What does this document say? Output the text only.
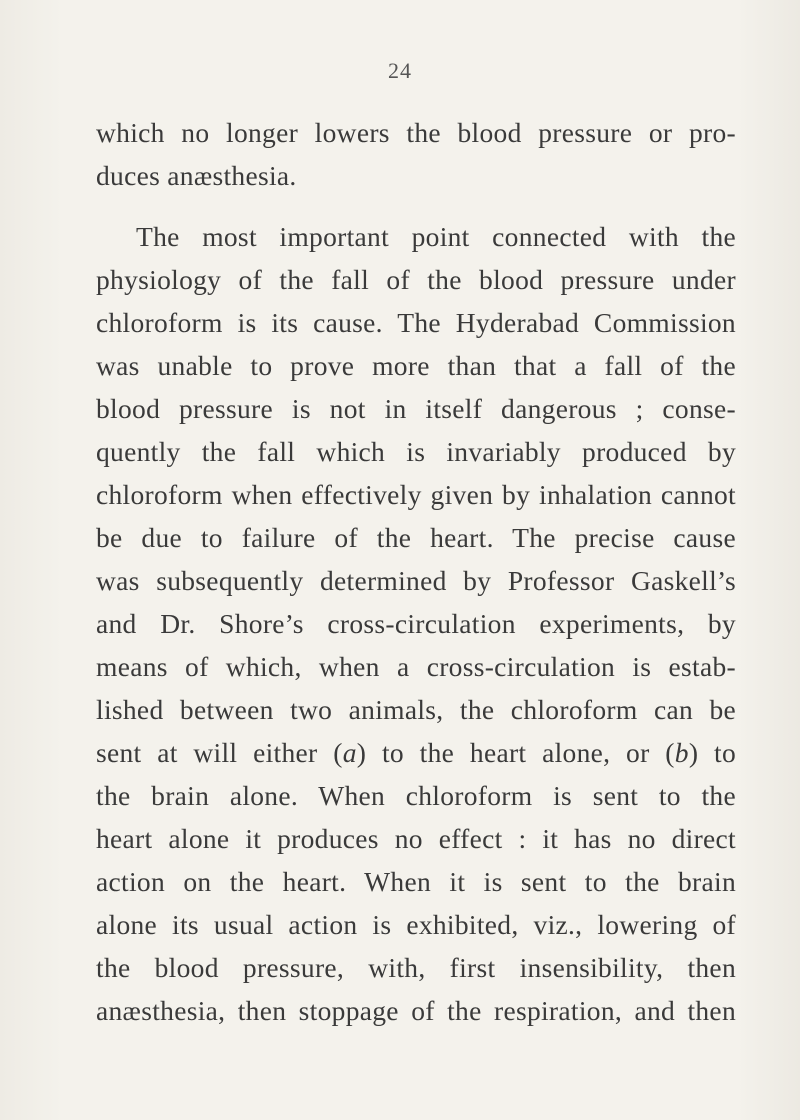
24
which no longer lowers the blood pressure or pro-
duces anæsthesia.
The most important point connected with the
physiology of the fall of the blood pressure under
chloroform is its cause. The Hyderabad Commission
was unable to prove more than that a fall of the
blood pressure is not in itself dangerous ; conse-
quently the fall which is invariably produced by
chloroform when effectively given by inhalation cannot
be due to failure of the heart. The precise cause
was subsequently determined by Professor Gaskell’s
and Dr. Shore’s cross-circulation experiments, by
means of which, when a cross-circulation is estab-
lished between two animals, the chloroform can be
sent at will either (a) to the heart alone, or (b) to
the brain alone. When chloroform is sent to the
heart alone it produces no effect : it has no direct
action on the heart. When it is sent to the brain
alone its usual action is exhibited, viz., lowering of
the blood pressure, with, first insensibility, then
anæsthesia, then stoppage of the respiration, and then
